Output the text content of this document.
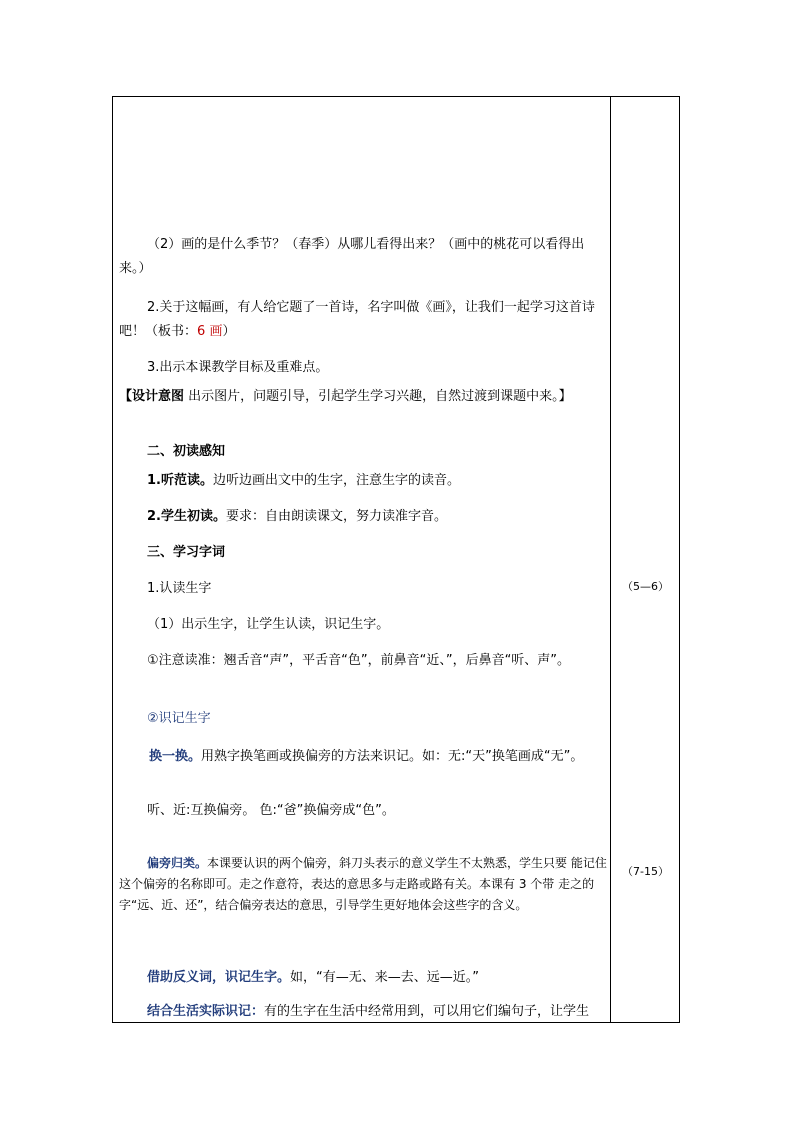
（2）画的是什么季节？（春季）从哪儿看得出来？（画中的桃花可以看得出来。）

2.关于这幅画，有人给它题了一首诗，名字叫做《画》，让我们一起学习这首诗吧！（板书：6 画）

3.出示本课教学目标及重难点。

【设计意图 出示图片，问题引导，引起学生学习兴趣，自然过渡到课题中来。】

二、初读感知

1.听范读。边听边画出文中的生字，注意生字的读音。

2.学生初读。要求：自由朗读课文，努力读准字音。

三、学习字词

1.认读生字

（1）出示生字，让学生认读，识记生字。

①注意读准：翘舌音“声”，平舌音“色”，前鼻音“近、”，后鼻音“听、声”。

②识记生字

换一换。用熟字换笔画或换偏旁的方法来识记。如：无:“天”换笔画成“无”。

听、近:互换偏旁。 色:“爸”换偏旁成“色”。

偏旁归类。本课要认识的两个偏旁，斜刀头表示的意义学生不太熟悉，学生只要 能记住这个偏旁的名称即可。走之作意符，表达的意思多与走路或路有关。本课有 3 个带 走之的字“远、近、还”，结合偏旁表达的意思，引导学生更好地体会这些字的含义。

借助反义词，识记生字。如，“有—无、来—去、远—近。”

结合生活实际识记：有的生字在生活中经常用到，可以用它们编句子，让学生

（5—6）
（7-15）
